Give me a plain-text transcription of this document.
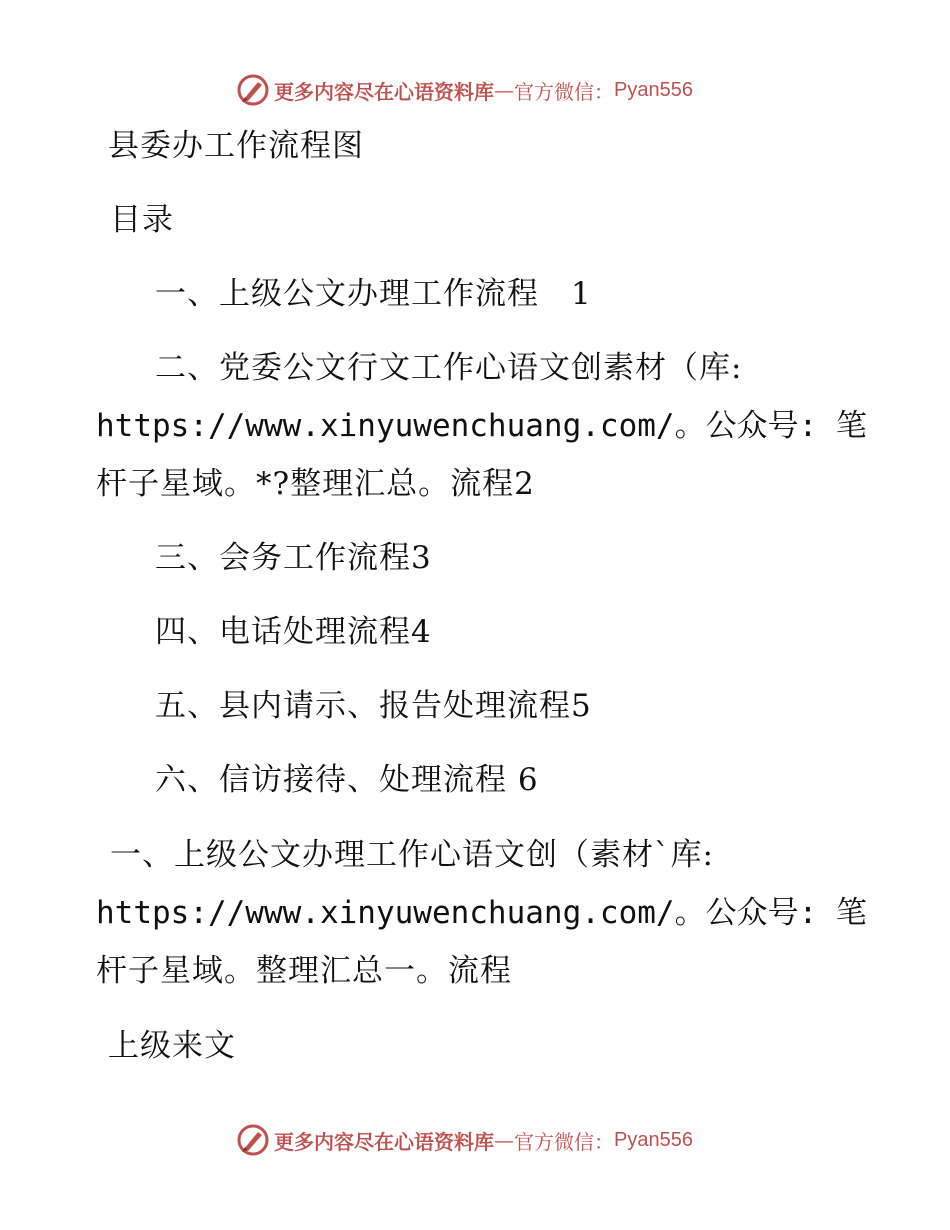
更多内容尽在心语资料库 — 官方微信： Pyan556
县委办工作流程图
目录
一、上级公文办理工作流程　1
二、党委公文行文工作心语文创素材（库:
https://www.xinyuwenchuang.com/。公众号: 笔
杆子星域。*?整理汇总。流程2
三、会务工作流程3
四、电话处理流程4
五、县内请示、报告处理流程5
六、信访接待、处理流程 6
一、上级公文办理工作心语文创（素材`库:
https://www.xinyuwenchuang.com/。公众号: 笔
杆子星域。整理汇总一。流程
上级来文
更多内容尽在心语资料库 — 官方微信： Pyan556
